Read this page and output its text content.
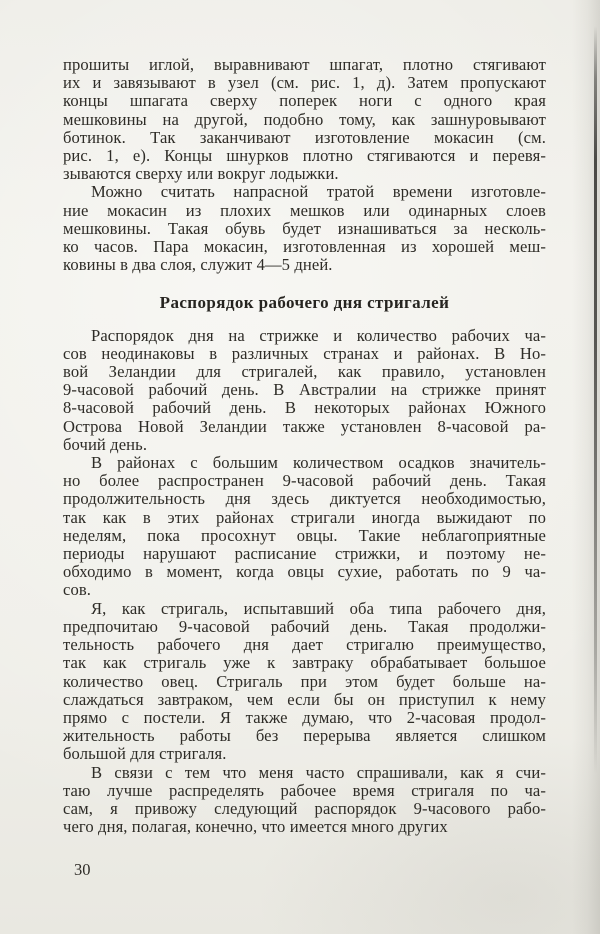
прошиты иглой, выравнивают шпагат, плотно стягивают
их и завязывают в узел (см. рис. 1, д). Затем пропускают
концы шпагата сверху поперек ноги с одного края
мешковины на другой, подобно тому, как зашнуровывают
ботинок. Так заканчивают изготовление мокасин (см.
рис. 1, е). Концы шнурков плотно стягиваются и перевя-
зываются сверху или вокруг лодыжки.
Можно считать напрасной тратой времени изготовле-
ние мокасин из плохих мешков или одинарных слоев
мешковины. Такая обувь будет изнашиваться за несколь-
ко часов. Пара мокасин, изготовленная из хорошей меш-
ковины в два слоя, служит 4—5 дней.
Распорядок рабочего дня стригалей
Распорядок дня на стрижке и количество рабочих ча-
сов неодинаковы в различных странах и районах. В Но-
вой Зеландии для стригалей, как правило, установлен
9-часовой рабочий день. В Австралии на стрижке принят
8-часовой рабочий день. В некоторых районах Южного
Острова Новой Зеландии также установлен 8-часовой ра-
бочий день.
В районах с большим количеством осадков значитель-
но более распространен 9-часовой рабочий день. Такая
продолжительность дня здесь диктуется необходимостью,
так как в этих районах стригали иногда выжидают по
неделям, пока просохнут овцы. Такие неблагоприятные
периоды нарушают расписание стрижки, и поэтому не-
обходимо в момент, когда овцы сухие, работать по 9 ча-
сов.
Я, как стригаль, испытавший оба типа рабочего дня,
предпочитаю 9-часовой рабочий день. Такая продолжи-
тельность рабочего дня дает стригалю преимущество,
так как стригаль уже к завтраку обрабатывает большое
количество овец. Стригаль при этом будет больше на-
слаждаться завтраком, чем если бы он приступил к нему
прямо с постели. Я также думаю, что 2-часовая продол-
жительность работы без перерыва является слишком
большой для стригаля.
В связи с тем что меня часто спрашивали, как я счи-
таю лучше распределять рабочее время стригаля по ча-
сам, я привожу следующий распорядок 9-часового рабо-
чего дня, полагая, конечно, что имеется много других
30
